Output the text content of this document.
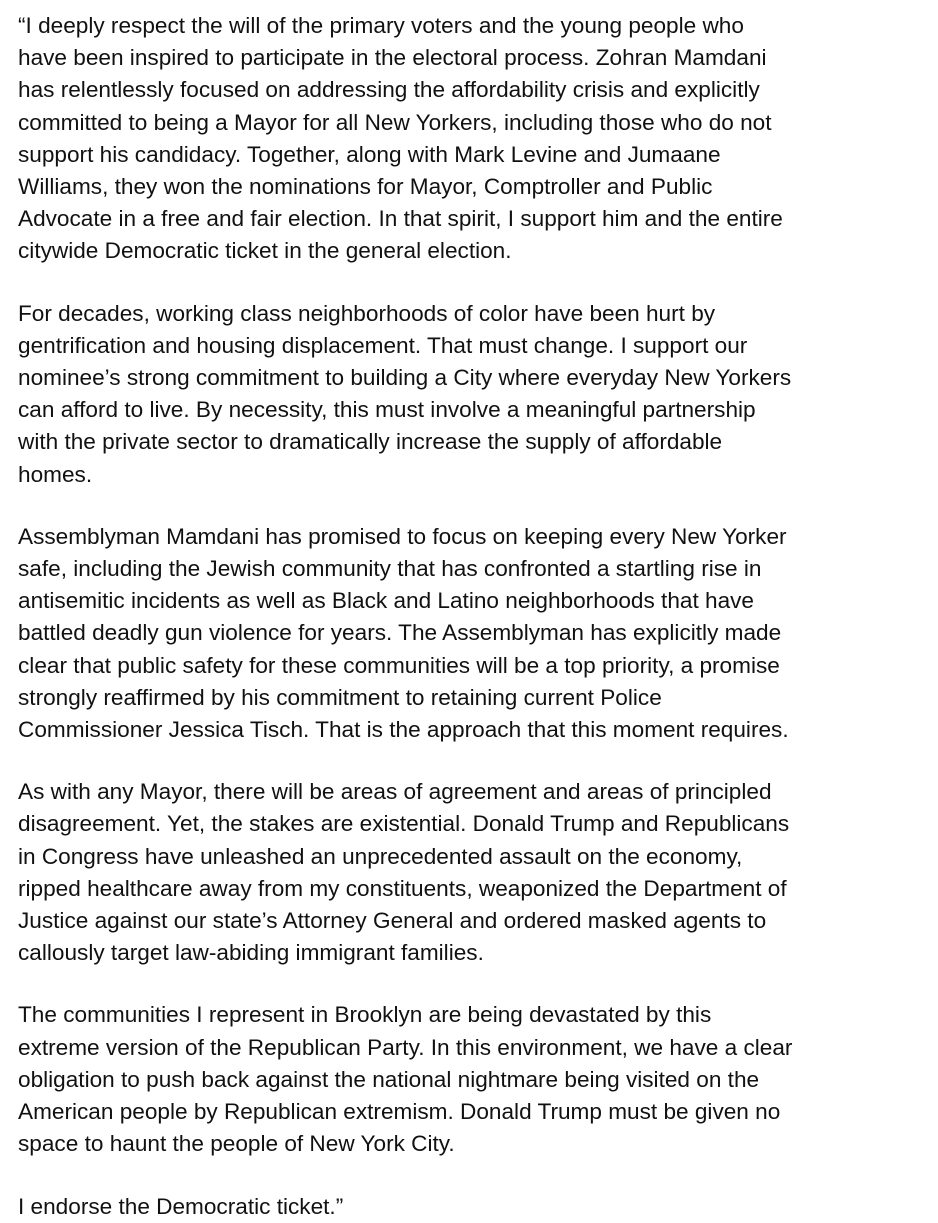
“I deeply respect the will of the primary voters and the young people who
have been inspired to participate in the electoral process. Zohran Mamdani
has relentlessly focused on addressing the affordability crisis and explicitly
committed to being a Mayor for all New Yorkers, including those who do not
support his candidacy. Together, along with Mark Levine and Jumaane
Williams, they won the nominations for Mayor, Comptroller and Public
Advocate in a free and fair election. In that spirit, I support him and the entire
citywide Democratic ticket in the general election.

For decades, working class neighborhoods of color have been hurt by
gentrification and housing displacement. That must change. I support our
nominee’s strong commitment to building a City where everyday New Yorkers
can afford to live. By necessity, this must involve a meaningful partnership
with the private sector to dramatically increase the supply of affordable
homes.

Assemblyman Mamdani has promised to focus on keeping every New Yorker
safe, including the Jewish community that has confronted a startling rise in
antisemitic incidents as well as Black and Latino neighborhoods that have
battled deadly gun violence for years. The Assemblyman has explicitly made
clear that public safety for these communities will be a top priority, a promise
strongly reaffirmed by his commitment to retaining current Police
Commissioner Jessica Tisch. That is the approach that this moment requires.

As with any Mayor, there will be areas of agreement and areas of principled
disagreement. Yet, the stakes are existential. Donald Trump and Republicans
in Congress have unleashed an unprecedented assault on the economy,
ripped healthcare away from my constituents, weaponized the Department of
Justice against our state’s Attorney General and ordered masked agents to
callously target law-abiding immigrant families.

The communities I represent in Brooklyn are being devastated by this
extreme version of the Republican Party. In this environment, we have a clear
obligation to push back against the national nightmare being visited on the
American people by Republican extremism. Donald Trump must be given no
space to haunt the people of New York City.

I endorse the Democratic ticket.”
